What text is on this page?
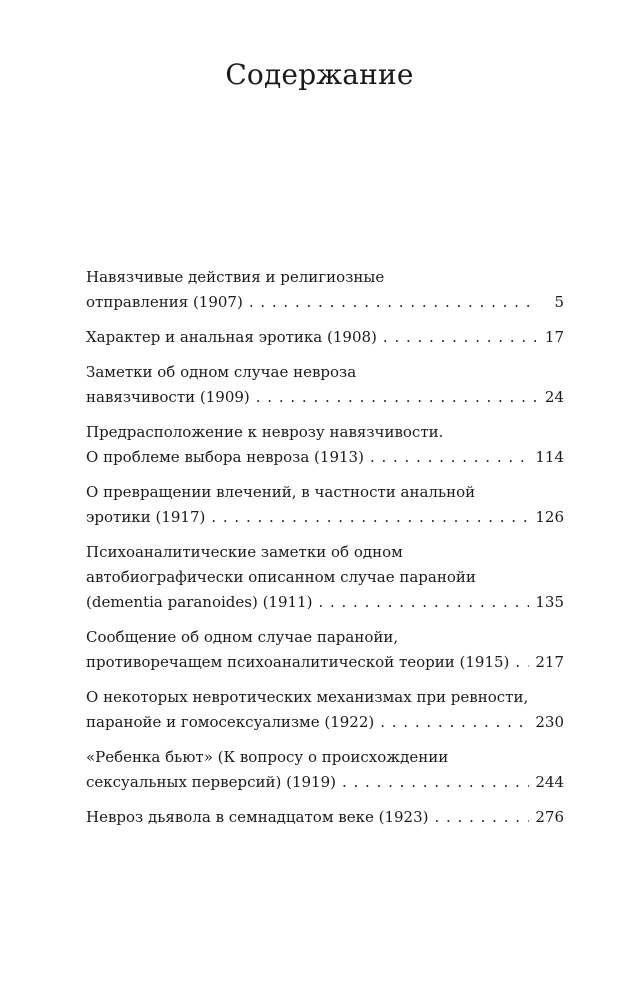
Содержание
Навязчивые действия и религиозные
отправления (1907) . . .	5
Характер и анальная эротика (1908) . . .	17
Заметки об одном случае невроза
навязчивости (1909) . . .	24
Предрасположение к неврозу навязчивости.
О проблеме выбора невроза (1913) . . .	114
О превращении влечений, в частности анальной
эротики (1917) . . .	126
Психоаналитические заметки об одном
автобиографически описанном случае паранойи
(dementia paranoides) (1911) . . .	135
Сообщение об одном случае паранойи,
противоречащем психоаналитической теории (1915) . . . 217
О некоторых невротических механизмах при ревности,
паранойе и гомосексуализме (1922) . . .	230
«Ребенка бьют» (К вопросу о происхождении
сексуальных перверсий) (1919) . . .	244
Невроз дьявола в семнадцатом веке (1923) . . .	276
